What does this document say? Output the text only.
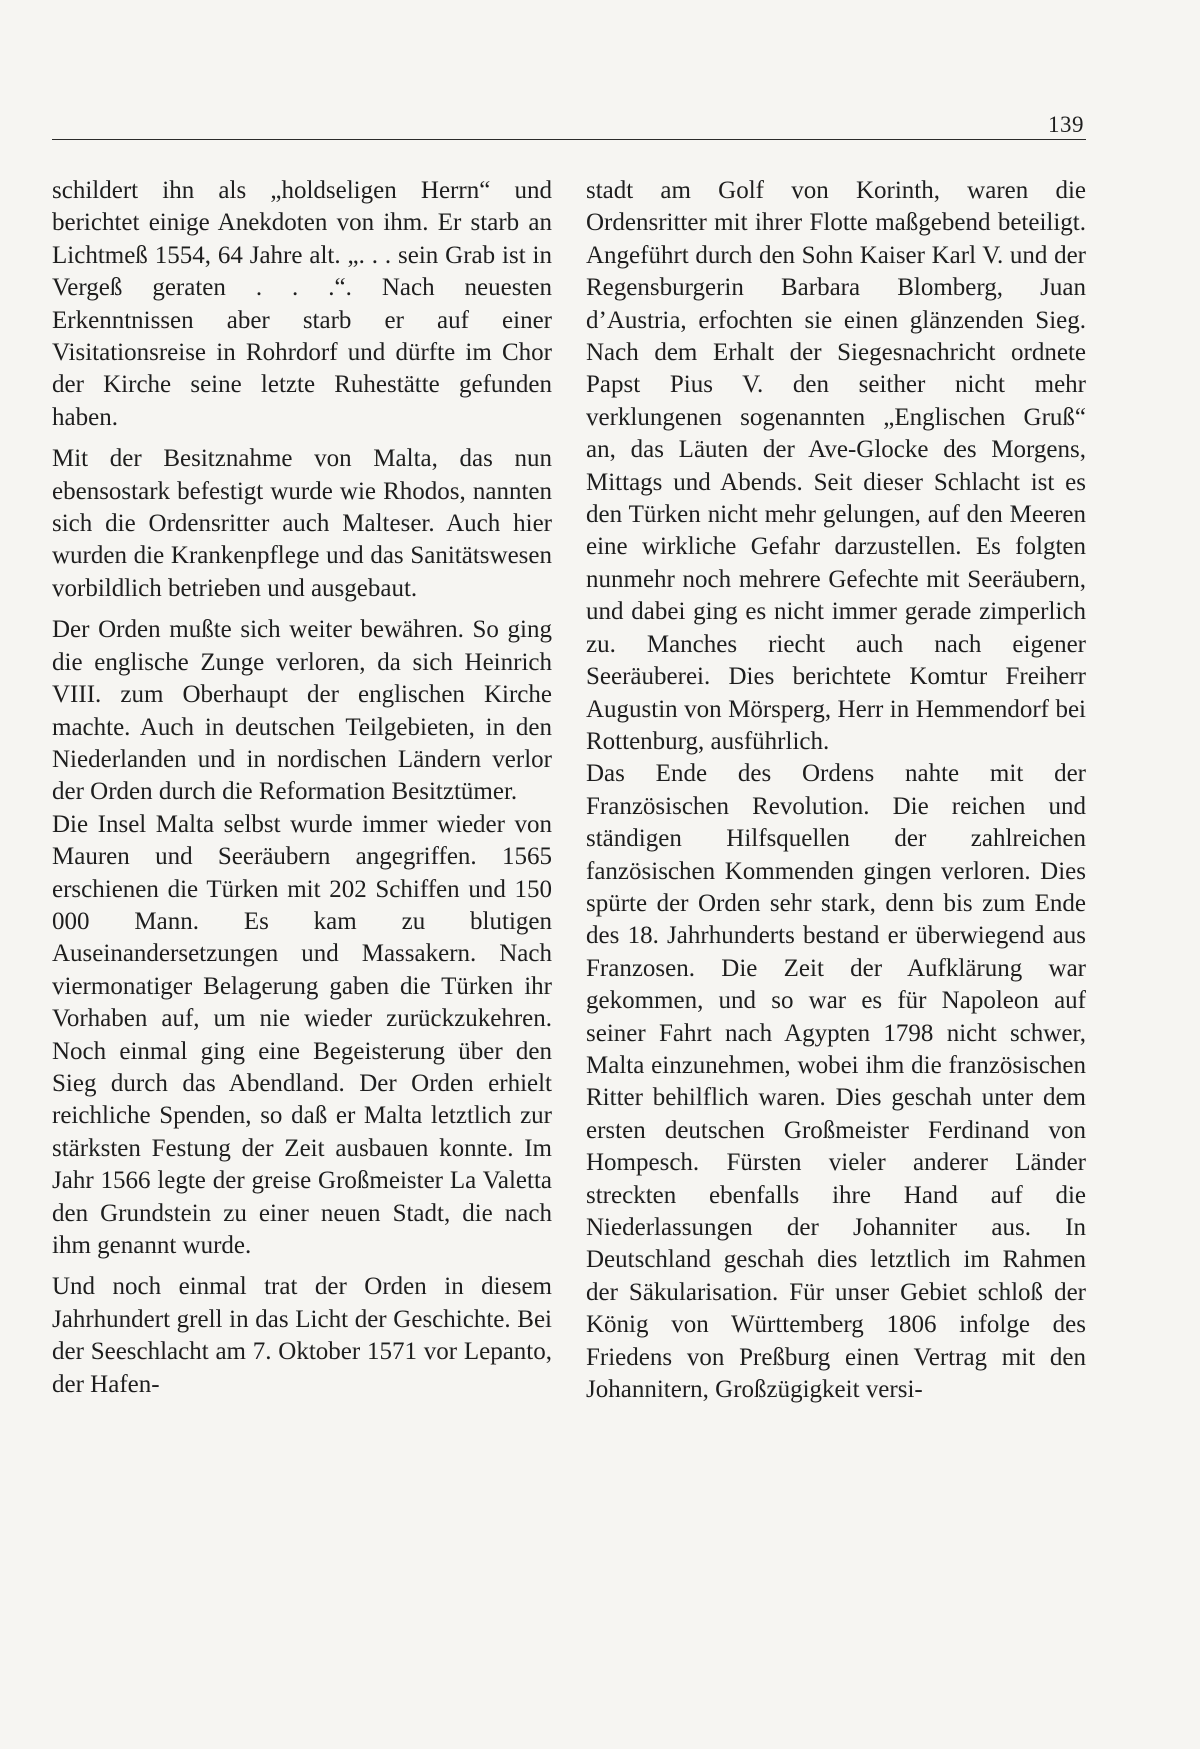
139

schildert ihn als „holdseligen Herrn“ und berichtet einige Anekdoten von ihm. Er starb an Lichtmeß 1554, 64 Jahre alt. „. . . sein Grab ist in Vergeß geraten . . .“. Nach neuesten Erkenntnissen aber starb er auf einer Visitationsreise in Rohrdorf und dürfte im Chor der Kirche seine letzte Ruhestätte gefunden haben.

Mit der Besitznahme von Malta, das nun ebensostark befestigt wurde wie Rhodos, nannten sich die Ordensritter auch Malteser. Auch hier wurden die Krankenpflege und das Sanitätswesen vorbildlich betrieben und ausgebaut.

Der Orden mußte sich weiter bewähren. So ging die englische Zunge verloren, da sich Heinrich VIII. zum Oberhaupt der englischen Kirche machte. Auch in deutschen Teilgebieten, in den Niederlanden und in nordischen Ländern verlor der Orden durch die Reformation Besitztümer.

Die Insel Malta selbst wurde immer wieder von Mauren und Seeräubern angegriffen. 1565 erschienen die Türken mit 202 Schiffen und 150 000 Mann. Es kam zu blutigen Auseinandersetzungen und Massakern. Nach viermonatiger Belagerung gaben die Türken ihr Vorhaben auf, um nie wieder zurückzukehren. Noch einmal ging eine Begeisterung über den Sieg durch das Abendland. Der Orden erhielt reichliche Spenden, so daß er Malta letztlich zur stärksten Festung der Zeit ausbauen konnte. Im Jahr 1566 legte der greise Großmeister La Valetta den Grundstein zu einer neuen Stadt, die nach ihm genannt wurde.

Und noch einmal trat der Orden in diesem Jahrhundert grell in das Licht der Geschichte. Bei der Seeschlacht am 7. Oktober 1571 vor Lepanto, der Hafen-

stadt am Golf von Korinth, waren die Ordensritter mit ihrer Flotte maßgebend beteiligt. Angeführt durch den Sohn Kaiser Karl V. und der Regensburgerin Barbara Blomberg, Juan d’Austria, erfochten sie einen glänzenden Sieg. Nach dem Erhalt der Siegesnachricht ordnete Papst Pius V. den seither nicht mehr verklungenen sogenannten „Englischen Gruß“ an, das Läuten der Ave-Glocke des Morgens, Mittags und Abends. Seit dieser Schlacht ist es den Türken nicht mehr gelungen, auf den Meeren eine wirkliche Gefahr darzustellen. Es folgten nunmehr noch mehrere Gefechte mit Seeräubern, und dabei ging es nicht immer gerade zimperlich zu. Manches riecht auch nach eigener Seeräuberei. Dies berichtete Komtur Freiherr Augustin von Mörsperg, Herr in Hemmendorf bei Rottenburg, ausführlich.

Das Ende des Ordens nahte mit der Französischen Revolution. Die reichen und ständigen Hilfsquellen der zahlreichen fanzösischen Kommenden gingen verloren. Dies spürte der Orden sehr stark, denn bis zum Ende des 18. Jahrhunderts bestand er überwiegend aus Franzosen. Die Zeit der Aufklärung war gekommen, und so war es für Napoleon auf seiner Fahrt nach Agypten 1798 nicht schwer, Malta einzunehmen, wobei ihm die französischen Ritter behilflich waren. Dies geschah unter dem ersten deutschen Großmeister Ferdinand von Hompesch. Fürsten vieler anderer Länder streckten ebenfalls ihre Hand auf die Niederlassungen der Johanniter aus. In Deutschland geschah dies letztlich im Rahmen der Säkularisation. Für unser Gebiet schloß der König von Württemberg 1806 infolge des Friedens von Preßburg einen Vertrag mit den Johannitern, Großzügigkeit versi-
